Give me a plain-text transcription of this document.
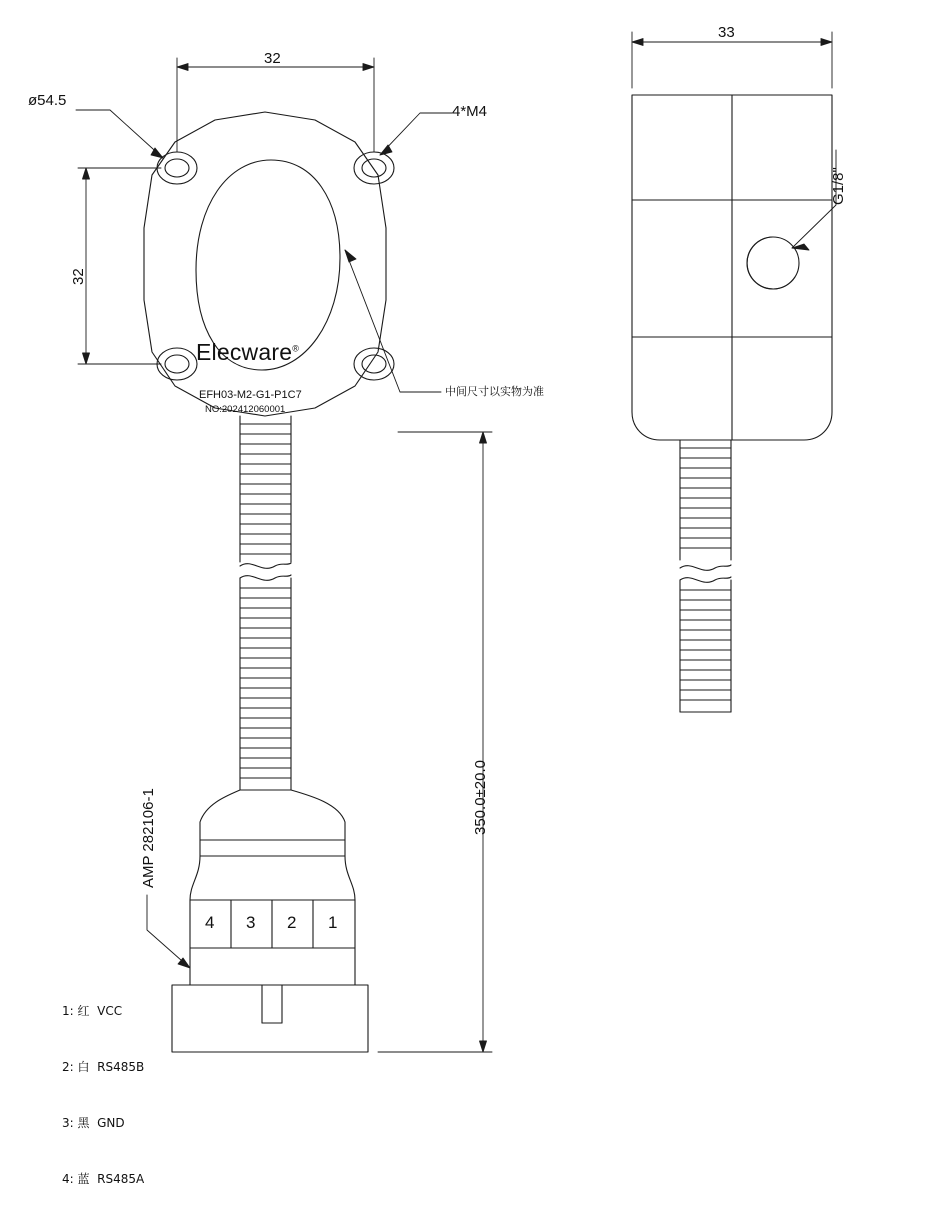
32
32
ø54.5
4*M4
中间尺寸以实物为准
Elecware®
EFH03-M2-G1-P1C7
NO:202412060001
AMP 282106-1	350.0±20.0
33
G1/8"
4 3 2 1

1: 红  VCC

2: 白  RS485B

3: 黑  GND

4: 蓝  RS485A
